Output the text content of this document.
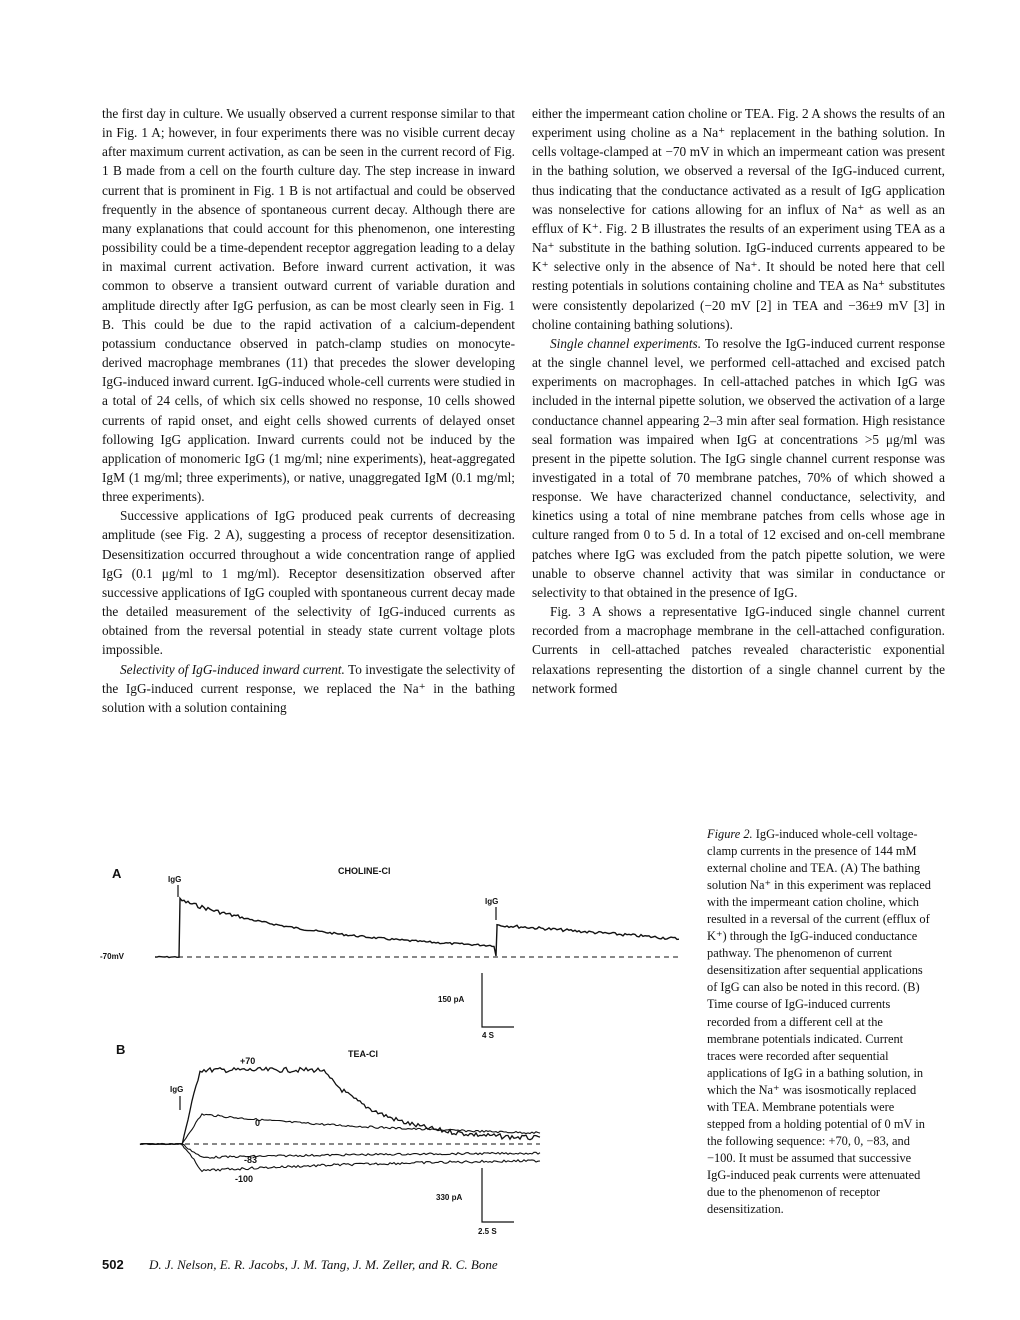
the first day in culture. We usually observed a current response similar to that in Fig. 1 A; however, in four experiments there was no visible current decay after maximum current activation, as can be seen in the current record of Fig. 1 B made from a cell on the fourth culture day. The step increase in inward current that is prominent in Fig. 1 B is not artifactual and could be observed frequently in the absence of spontaneous current decay. Although there are many explanations that could account for this phenomenon, one interesting possibility could be a time-dependent receptor aggregation leading to a delay in maximal current activation. Before inward current activation, it was common to observe a transient outward current of variable duration and amplitude directly after IgG perfusion, as can be most clearly seen in Fig. 1 B. This could be due to the rapid activation of a calcium-dependent potassium conductance observed in patch-clamp studies on monocyte-derived macrophage membranes (11) that precedes the slower developing IgG-induced inward current. IgG-induced whole-cell currents were studied in a total of 24 cells, of which six cells showed no response, 10 cells showed currents of rapid onset, and eight cells showed currents of delayed onset following IgG application. Inward currents could not be induced by the application of monomeric IgG (1 mg/ml; nine experiments), heat-aggregated IgM (1 mg/ml; three experiments), or native, unaggregated IgM (0.1 mg/ml; three experiments).

Successive applications of IgG produced peak currents of decreasing amplitude (see Fig. 2 A), suggesting a process of receptor desensitization. Desensitization occurred throughout a wide concentration range of applied IgG (0.1 μg/ml to 1 mg/ml). Receptor desensitization observed after successive applications of IgG coupled with spontaneous current decay made the detailed measurement of the selectivity of IgG-induced currents as obtained from the reversal potential in steady state current voltage plots impossible.

Selectivity of IgG-induced inward current. To investigate the selectivity of the IgG-induced current response, we replaced the Na⁺ in the bathing solution with a solution containing

either the impermeant cation choline or TEA. Fig. 2 A shows the results of an experiment using choline as a Na⁺ replacement in the bathing solution. In cells voltage-clamped at −70 mV in which an impermeant cation was present in the bathing solution, we observed a reversal of the IgG-induced current, thus indicating that the conductance activated as a result of IgG application was nonselective for cations allowing for an influx of Na⁺ as well as an efflux of K⁺. Fig. 2 B illustrates the results of an experiment using TEA as a Na⁺ substitute in the bathing solution. IgG-induced currents appeared to be K⁺ selective only in the absence of Na⁺. It should be noted here that cell resting potentials in solutions containing choline and TEA as Na⁺ substitutes were consistently depolarized (−20 mV [2] in TEA and −36±9 mV [3] in choline containing bathing solutions).

Single channel experiments. To resolve the IgG-induced current response at the single channel level, we performed cell-attached and excised patch experiments on macrophages. In cell-attached patches in which IgG was included in the internal pipette solution, we observed the activation of a large conductance channel appearing 2–3 min after seal formation. High resistance seal formation was impaired when IgG at concentrations >5 μg/ml was present in the pipette solution. The IgG single channel current response was investigated in a total of 70 membrane patches, 70% of which showed a response. We have characterized channel conductance, selectivity, and kinetics using a total of nine membrane patches from cells whose age in culture ranged from 0 to 5 d. In a total of 12 excised and on-cell membrane patches where IgG was excluded from the patch pipette solution, we were unable to observe channel activity that was similar in conductance or selectivity to that obtained in the presence of IgG.

Fig. 3 A shows a representative IgG-induced single channel current recorded from a macrophage membrane in the cell-attached configuration. Currents in cell-attached patches revealed characteristic exponential relaxations representing the distortion of a single channel current by the network formed

A	CHOLINE-Cl
IgG
IgG
-70mV
150 pA
4 S
B	TEA-Cl
+70
IgG
0
-83
-100
330 pA
2.5 S
Figure 2. IgG-induced whole-cell voltage-clamp currents in the presence of 144 mM external choline and TEA. (A) The bathing solution Na⁺ in this experiment was replaced with the impermeant cation choline, which resulted in a reversal of the current (efflux of K⁺) through the IgG-induced conductance pathway. The phenomenon of current desensitization after sequential applications of IgG can also be noted in this record. (B) Time course of IgG-induced currents recorded from a different cell at the membrane potentials indicated. Current traces were recorded after sequential applications of IgG in a bathing solution, in which the Na⁺ was isosmotically replaced with TEA. Membrane potentials were stepped from a holding potential of 0 mV in the following sequence: +70, 0, −83, and −100. It must be assumed that successive IgG-induced peak currents were attenuated due to the phenomenon of receptor desensitization.
502 D. J. Nelson, E. R. Jacobs, J. M. Tang, J. M. Zeller, and R. C. Bone
